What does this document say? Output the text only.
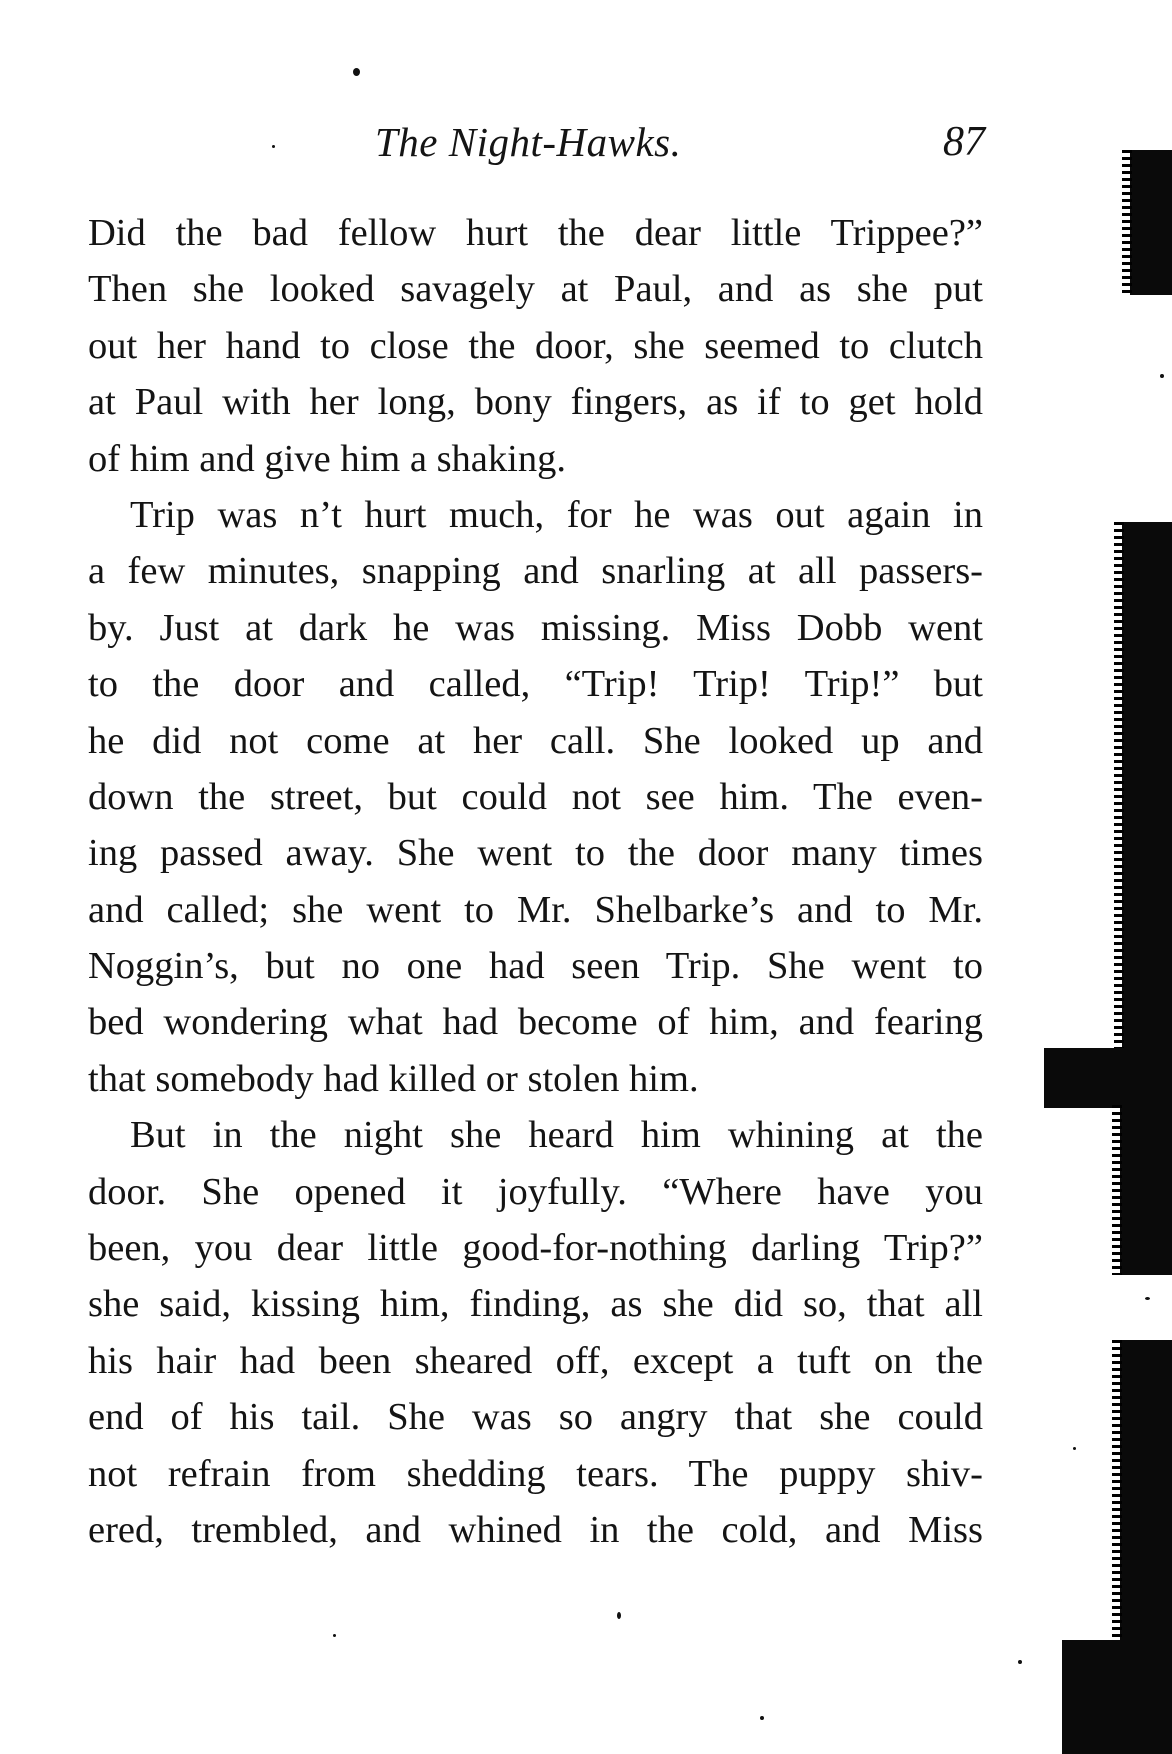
The Night-Hawks.	87
Did the bad fellow hurt the dear little Trippee?”
Then she looked savagely at Paul, and as she put
out her hand to close the door, she seemed to clutch
at Paul with her long, bony fingers, as if to get hold
of him and give him a shaking.
Trip was n’t hurt much, for he was out again in
a few minutes, snapping and snarling at all passers-
by. Just at dark he was missing. Miss Dobb went
to the door and called, “Trip! Trip! Trip!” but
he did not come at her call. She looked up and
down the street, but could not see him. The even-
ing passed away. She went to the door many times
and called; she went to Mr. Shelbarke’s and to Mr.
Noggin’s, but no one had seen Trip. She went to
bed wondering what had become of him, and fearing
that somebody had killed or stolen him.
But in the night she heard him whining at the
door. She opened it joyfully. “Where have you
been, you dear little good-for-nothing darling Trip?”
she said, kissing him, finding, as she did so, that all
his hair had been sheared off, except a tuft on the
end of his tail. She was so angry that she could
not refrain from shedding tears. The puppy shiv-
ered, trembled, and whined in the cold, and Miss
